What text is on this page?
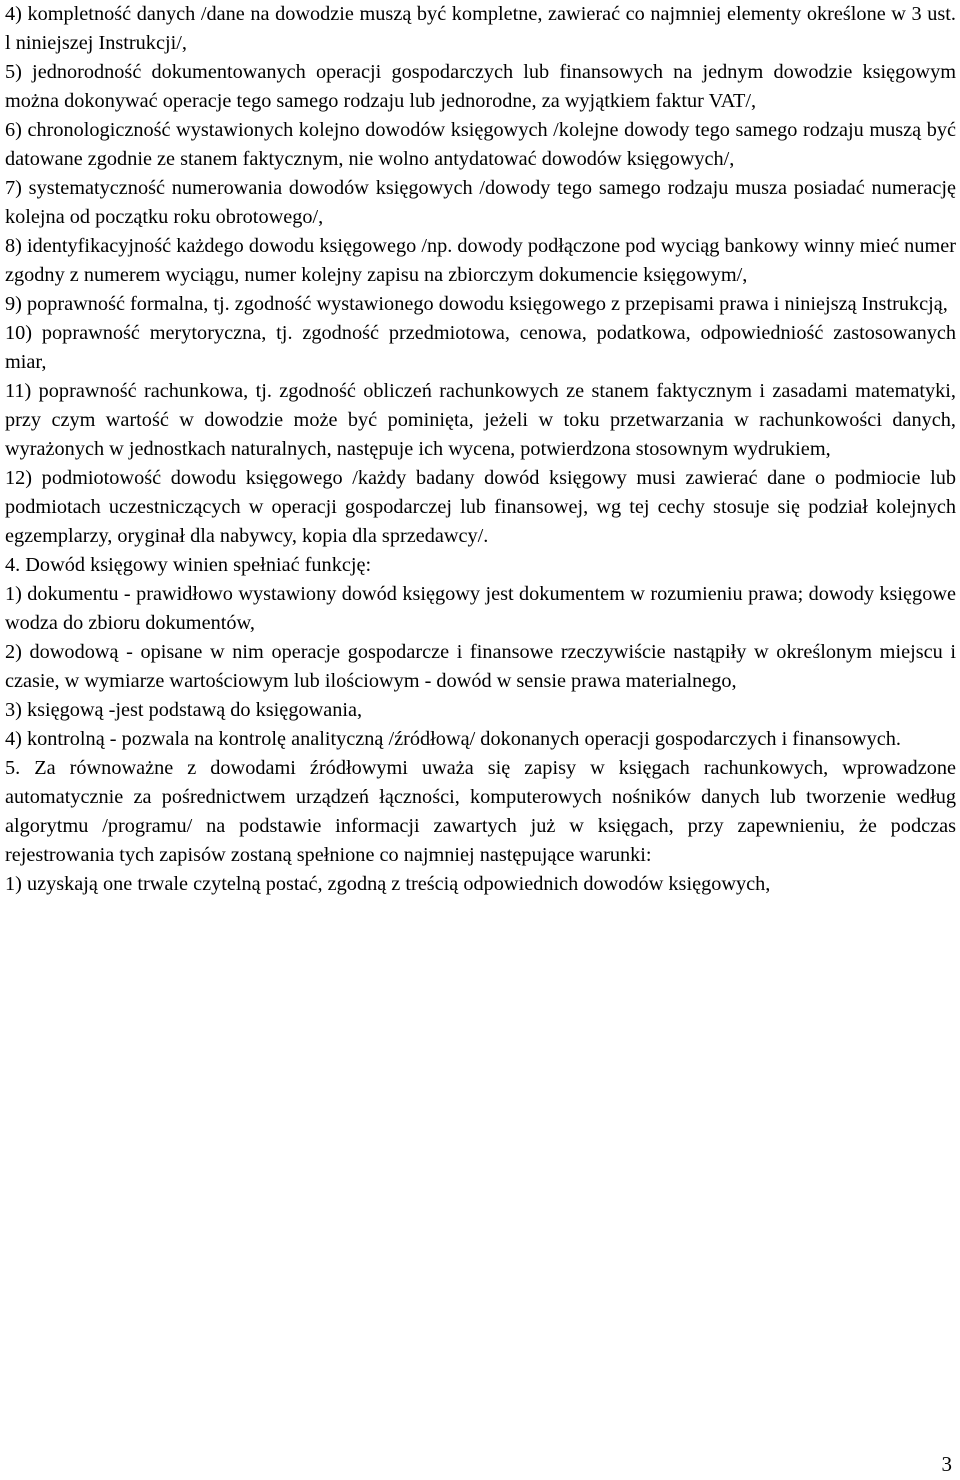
4) kompletność danych /dane na dowodzie muszą być kompletne, zawierać co najmniej elementy określone w 3 ust. l niniejszej Instrukcji/,

5) jednorodność dokumentowanych operacji gospodarczych lub finansowych na jednym dowodzie księgowym można dokonywać operacje tego samego rodzaju lub jednorodne, za wyjątkiem faktur VAT/,

6) chronologiczność wystawionych kolejno dowodów księgowych /kolejne dowody tego samego rodzaju muszą być datowane zgodnie ze stanem faktycznym, nie wolno antydatować dowodów księgowych/,

7) systematyczność numerowania dowodów księgowych /dowody tego samego rodzaju musza posiadać numerację kolejna od początku roku obrotowego/,

8) identyfikacyjność każdego dowodu księgowego /np. dowody podłączone pod wyciąg bankowy winny mieć numer zgodny z numerem wyciągu, numer kolejny zapisu na zbiorczym dokumencie księgowym/,

9) poprawność formalna, tj. zgodność wystawionego dowodu księgowego z przepisami prawa i niniejszą Instrukcją,

10) poprawność merytoryczna, tj. zgodność przedmiotowa, cenowa, podatkowa, odpowiedniość zastosowanych miar,

11) poprawność rachunkowa, tj. zgodność obliczeń rachunkowych ze stanem faktycznym i zasadami matematyki, przy czym wartość w dowodzie może być pominięta, jeżeli w toku przetwarzania w rachunkowości danych, wyrażonych w jednostkach naturalnych, następuje ich wycena, potwierdzona stosownym wydrukiem,

12) podmiotowość dowodu księgowego /każdy badany dowód księgowy musi zawierać dane o podmiocie lub podmiotach uczestniczących w operacji gospodarczej lub finansowej, wg tej cechy stosuje się podział kolejnych egzemplarzy, oryginał dla nabywcy, kopia dla sprzedawcy/.

4. Dowód księgowy winien spełniać funkcję:

1) dokumentu - prawidłowo wystawiony dowód księgowy jest dokumentem w rozumieniu prawa; dowody księgowe wodza do zbioru dokumentów,

2) dowodową - opisane w nim operacje gospodarcze i finansowe rzeczywiście nastąpiły w określonym miejscu i czasie, w wymiarze wartościowym lub ilościowym - dowód w sensie prawa materialnego,

3) księgową -jest podstawą do księgowania,

4) kontrolną - pozwala na kontrolę analityczną /źródłową/ dokonanych operacji gospodarczych i finansowych.

5. Za równoważne z dowodami źródłowymi uważa się zapisy w księgach rachunkowych, wprowadzone automatycznie za pośrednictwem urządzeń łączności, komputerowych nośników danych lub tworzenie według algorytmu /programu/ na podstawie informacji zawartych już w księgach, przy zapewnieniu, że podczas rejestrowania tych zapisów zostaną spełnione co najmniej następujące warunki:

1) uzyskają one trwale czytelną postać, zgodną z treścią odpowiednich dowodów księgowych,

3
